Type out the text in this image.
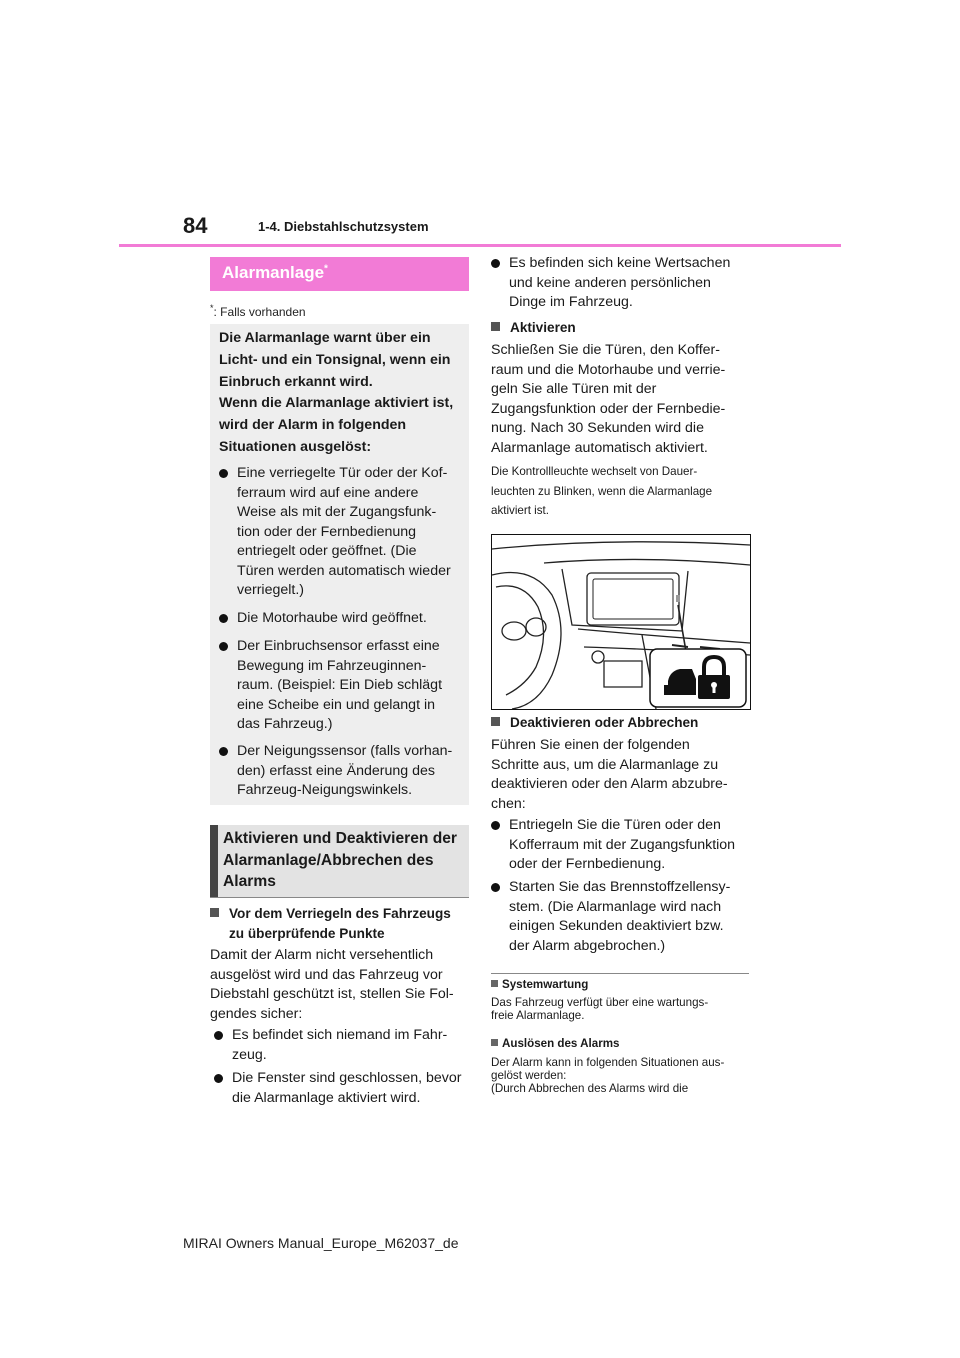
84	1-4. Diebstahlschutzsystem
Alarmanlage*
*: Falls vorhanden
Die Alarmanlage warnt über ein Licht- und ein Tonsignal, wenn ein Einbruch erkannt wird.
Wenn die Alarmanlage aktiviert ist, wird der Alarm in folgenden Situationen ausgelöst:
Eine verriegelte Tür oder der Kof-
ferraum wird auf eine andere
Weise als mit der Zugangsfunk-
tion oder der Fernbedienung
entriegelt oder geöffnet. (Die
Türen werden automatisch wieder
verriegelt.)
Die Motorhaube wird geöffnet.
Der Einbruchsensor erfasst eine
Bewegung im Fahrzeuginnen-
raum. (Beispiel: Ein Dieb schlägt
eine Scheibe ein und gelangt in
das Fahrzeug.)
Der Neigungssensor (falls vorhan-
den) erfasst eine Änderung des
Fahrzeug-Neigungswinkels.
Aktivieren und Deaktivieren der
Alarmanlage/Abbrechen des
Alarms

Vor dem Verriegeln des Fahrzeugs
zu überprüfende Punkte

Damit der Alarm nicht versehentlich
ausgelöst wird und das Fahrzeug vor
Diebstahl geschützt ist, stellen Sie Fol-
gendes sicher:
Es befindet sich niemand im Fahr-
zeug.
Die Fenster sind geschlossen, bevor
die Alarmanlage aktiviert wird.
Es befinden sich keine Wertsachen
und keine anderen persönlichen
Dinge im Fahrzeug.

Aktivieren

Schließen Sie die Türen, den Koffer-
raum und die Motorhaube und verrie-
geln Sie alle Türen mit der
Zugangsfunktion oder der Fernbedie-
nung. Nach 30 Sekunden wird die
Alarmanlage automatisch aktiviert.
Die Kontrollleuchte wechselt von Dauer-
leuchten zu Blinken, wenn die Alarmanlage
aktiviert ist.

Deaktivieren oder Abbrechen

Führen Sie einen der folgenden
Schritte aus, um die Alarmanlage zu
deaktivieren oder den Alarm abzubre-
chen:
Entriegeln Sie die Türen oder den
Kofferraum mit der Zugangsfunktion
oder der Fernbedienung.
Starten Sie das Brennstoffzellensy-
stem. (Die Alarmanlage wird nach
einigen Sekunden deaktiviert bzw.
der Alarm abgebrochen.)
Systemwartung
Das Fahrzeug verfügt über eine wartungs-
freie Alarmanlage.
Auslösen des Alarms
Der Alarm kann in folgenden Situationen aus-
gelöst werden:
(Durch Abbrechen des Alarms wird die
MIRAI Owners Manual_Europe_M62037_de
